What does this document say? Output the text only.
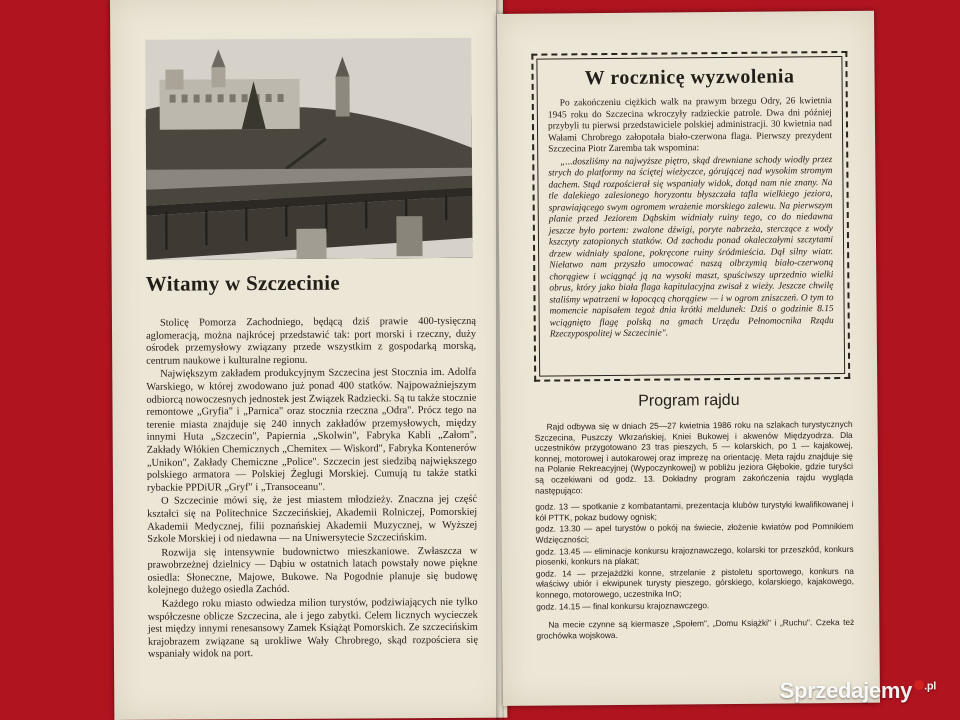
Witamy w Szczecinie

Stolicę Pomorza Zachodniego, będącą dziś prawie 400-tysięczną aglomeracją, można najkrócej przedstawić tak: port morski i rzeczny, duży ośrodek przemysłowy związany przede wszystkim z gospodarką morską, centrum naukowe i kulturalne regionu.

Największym zakładem produkcyjnym Szczecina jest Stocznia im. Adolfa Warskiego, w której zwodowano już ponad 400 statków. Najpoważniejszym odbiorcą nowoczesnych jednostek jest Związek Radziecki. Są tu także stocznie remontowe „Gryfia" i „Parnica" oraz stocznia rzeczna „Odra". Prócz tego na terenie miasta znajduje się 240 innych zakładów przemysłowych, między innymi Huta „Szczecin", Papiernia „Skolwin", Fabryka Kabli „Załom", Zakłady Włókien Chemicznych „Chemitex — Wiskord", Fabryka Kontenerów „Unikon", Zakłady Chemiczne „Police". Szczecin jest siedzibą największego polskiego armatora — Polskiej Żeglugi Morskiej. Cumują tu także statki rybackie PPDiUR „Gryf" i „Transoceanu".

O Szczecinie mówi się, że jest miastem młodzieży. Znaczna jej część kształci się na Politechnice Szczecińskiej, Akademii Rolniczej, Pomorskiej Akademii Medycznej, filii poznańskiej Akademii Muzycznej, w Wyższej Szkole Morskiej i od niedawna — na Uniwersytecie Szczecińskim.

Rozwija się intensywnie budownictwo mieszkaniowe. Zwłaszcza w prawobrzeżnej dzielnicy — Dąbiu w ostatnich latach powstały nowe piękne osiedla: Słoneczne, Majowe, Bukowe. Na Pogodnie planuje się budowę kolejnego dużego osiedla Zachód.

Każdego roku miasto odwiedza milion turystów, podziwiających nie tylko współczesne oblicze Szczecina, ale i jego zabytki. Celem licznych wycieczek jest między innymi renesansowy Zamek Książąt Pomorskich. Ze szczecińskim krajobrazem związane są urokliwe Wały Chrobrego, skąd rozpościera się wspaniały widok na port.

W rocznicę wyzwolenia

Po zakończeniu ciężkich walk na prawym brzegu Odry, 26 kwietnia 1945 roku do Szczecina wkroczyły radzieckie patrole. Dwa dni później przybyli tu pierwsi przedstawiciele polskiej administracji. 30 kwietnia nad Wałami Chrobrego załopotała biało-czerwona flaga. Pierwszy prezydent Szczecina Piotr Zaremba tak wspomina:

„...doszliśmy na najwyższe piętro, skąd drewniane schody wiodły przez strych do platformy na ściętej wieżyczce, górującej nad wysokim stromym dachem. Stąd rozpościerał się wspaniały widok, dotąd nam nie znany. Na tle dalekiego zalesionego horyzontu błyszczała tafla wielkiego jeziora, sprawiającego swym ogromem wrażenie morskiego zalewu. Na pierwszym planie przed Jeziorem Dąbskim widniały ruiny tego, co do niedawna jeszcze było portem: zwalone dźwigi, poryte nabrzeża, sterczące z wody kszczyty zatopionych statków. Od zachodu ponad okaleczałymi szczytami drzew widniały spalone, pokręcone ruiny śródmieścia. Dął silny wiatr. Niełatwo nam przyszło umocować naszą olbrzymią biało-czerwoną chorągiew i wciągnąć ją na wysoki maszt, spuściwszy uprzednio wielki obrus, który jako biała flaga kapitulacyjna zwisał z wieży. Jeszcze chwilę staliśmy wpatrzeni w łopocącą chorągiew — i w ogrom zniszczeń. O tym to momencie napisałem tegoż dnia krótki meldunek: Dziś o godzinie 8.15 wciągnięto flagę polską na gmach Urzędu Pełnomocnika Rządu Rzeczypospolitej w Szczecinie".

Program rajdu

Rajd odbywa się w dniach 25—27 kwietnia 1986 roku na szlakach turystycznych Szczecina, Puszczy Wkrzańskiej, Kniei Bukowej i akwenów Międzyodrza. Dla uczestników przygotowano 23 tras pieszych, 5 — kolarskich, po 1 — kajakowej, konnej, motorowej i autokarowej oraz imprezę na orientację. Meta rajdu znajduje się na Polanie Rekreacyjnej (Wypoczynkowej) w pobliżu jeziora Głębokie, gdzie turyści są oczekiwani od godz. 13. Dokładny program zakończenia rajdu wygląda następująco:

godz. 13 — spotkanie z kombatantami, prezentacja klubów turystyki kwalifikowanej i kół PTTK, pokaz budowy ognisk;
godz. 13.30 — apel turystów o pokój na świecie, złożenie kwiatów pod Pomnikiem Wdzięczności;
godz. 13.45 — eliminacje konkursu krajoznawczego, kolarski tor przeszkód, konkurs piosenki, konkurs na plakat;
godz. 14 — przejażdżki konne, strzelanie z pistoletu sportowego, konkurs na właściwy ubiór i ekwipunek turysty pieszego, górskiego, kolarskiego, kajakowego, konnego, motorowego, uczestnika InO;
godz. 14.15 — final konkursu krajoznawczego.

Na mecie czynne są kiermasze „Społem", „Domu Książki" i „Ruchu". Czeka też grochówka wojskowa.

Sprzedajemy $^{.pl}$
